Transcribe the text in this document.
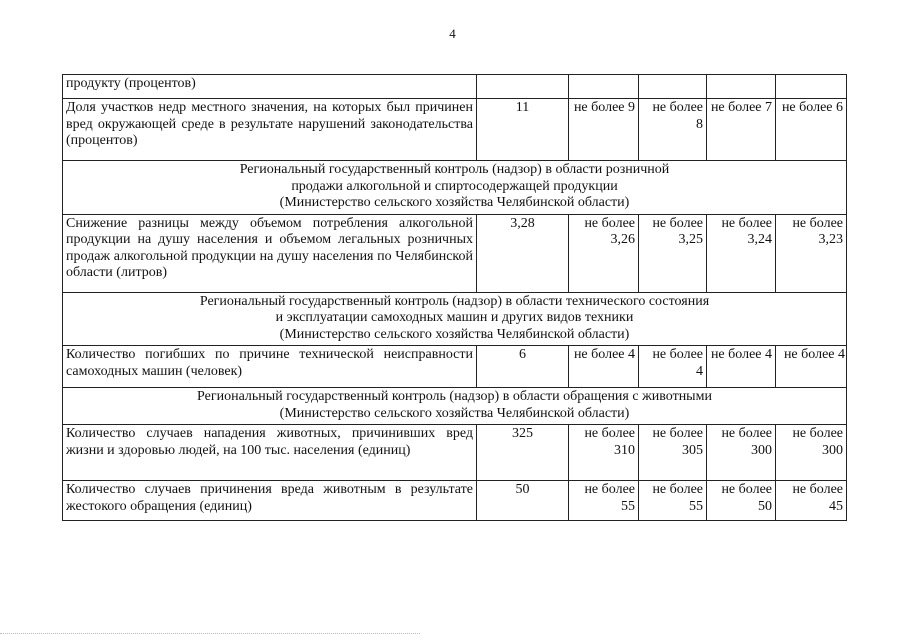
4
продукту (процентов)					
Доля участков недр местного значения, на которых был причинен вред окружающей среде в результате нарушений законодательства (процентов)	11	не более 9	не более 8	не более 7	не более 6

Региональный государственный контроль (надзор) в области розничной
продажи алкогольной и спиртосодержащей продукции
(Министерство сельского хозяйства Челябинской области)					

Снижение разницы между объемом потребления алкогольной продукции на душу населения и объемом легальных розничных продаж алкогольной продукции на душу населения по Челябинской области (литров)	3,28	не более 3,26	не более 3,25	не более 3,24	не более 3,23

Региональный государственный контроль (надзор) в области технического состояния
и эксплуатации самоходных машин и других видов техники
(Министерство сельского хозяйства Челябинской области)					

Количество погибших по причине технической неисправности самоходных машин (человек)	6	не более 4	не более 4	не более 4	не более 4

Региональный государственный контроль (надзор) в области обращения с животными
(Министерство сельского хозяйства Челябинской области)					

Количество случаев нападения животных, причинивших вред жизни и здоровью людей, на 100 тыс. населения (единиц)	325	не более 310	не более 305	не более 300	не более 300
Количество случаев причинения вреда животным в результате жестокого обращения (единиц)	50	не более 55	не более 55	не более 50	не более 45
